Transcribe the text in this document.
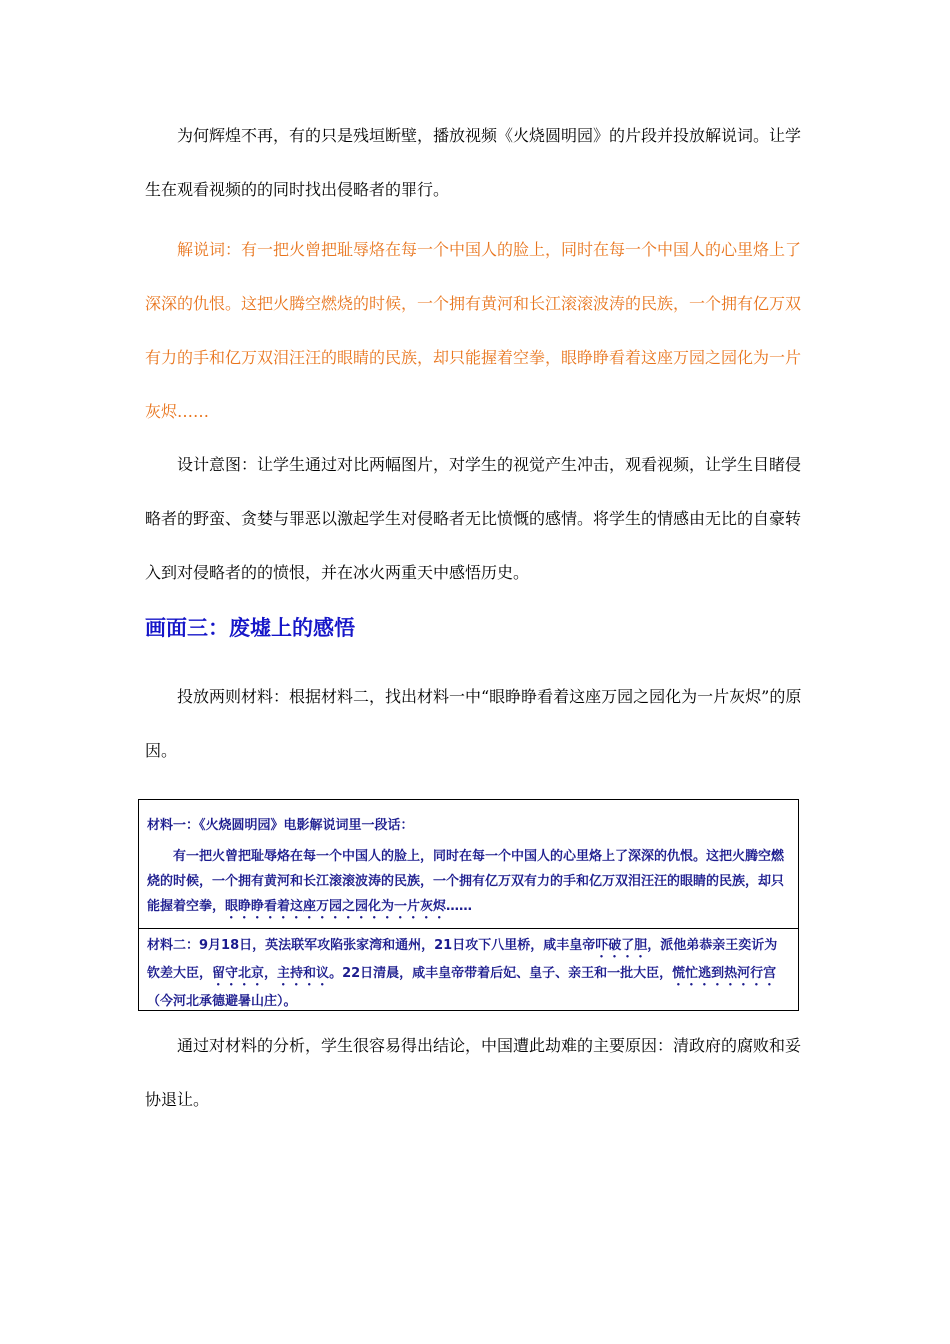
为何辉煌不再，有的只是残垣断壁，播放视频《火烧圆明园》的片段并投放解说词。让学生在观看视频的的同时找出侵略者的罪行。

解说词：有一把火曾把耻辱烙在每一个中国人的脸上，同时在每一个中国人的心里烙上了深深的仇恨。这把火腾空燃烧的时候，一个拥有黄河和长江滚滚波涛的民族，一个拥有亿万双有力的手和亿万双泪汪汪的眼睛的民族，却只能握着空拳，眼睁睁看着这座万园之园化为一片灰烬……

设计意图：让学生通过对比两幅图片，对学生的视觉产生冲击，观看视频，让学生目睹侵略者的野蛮、贪婪与罪恶以激起学生对侵略者无比愤慨的感情。将学生的情感由无比的自豪转入到对侵略者的的愤恨，并在冰火两重天中感悟历史。

画面三：废墟上的感悟

投放两则材料：根据材料二，找出材料一中“眼睁睁看着这座万园之园化为一片灰烬”的原因。

材料一：《火烧圆明园》电影解说词里一段话：

有一把火曾把耻辱烙在每一个中国人的脸上，同时在每一个中国人的心里烙上了深深的仇恨。这把火腾空燃烧的时候，一个拥有黄河和长江滚滚波涛的民族，一个拥有亿万双有力的手和亿万双泪汪汪的眼睛的民族，却只能握着空拳，眼睁睁看着这座万园之园化为一片灰烬……

材料二：9月18日，英法联军攻陷张家湾和通州，21日攻下八里桥，咸丰皇帝吓破了胆，派他弟恭亲王奕䜣为钦差大臣，留守北京，主持和议。22日清晨，咸丰皇帝带着后妃、皇子、亲王和一批大臣，慌忙逃到热河行宫（今河北承德避暑山庄）。

通过对材料的分析，学生很容易得出结论，中国遭此劫难的主要原因：清政府的腐败和妥协退让。
